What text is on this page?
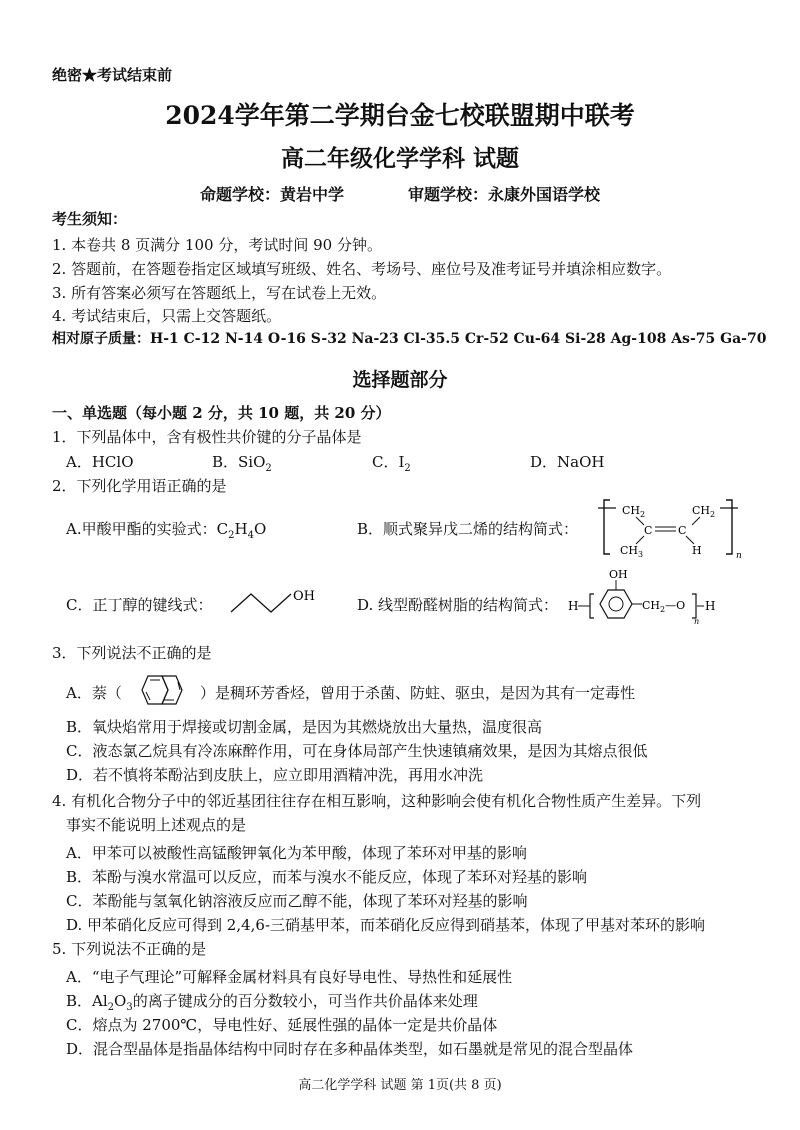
绝密★考试结束前
2024学年第二学期台金七校联盟期中联考
高二年级化学学科 试题
命题学校：黄岩中学　　　　审题学校：永康外国语学校
考生须知：
1. 本卷共 8 页满分 100 分，考试时间 90 分钟。
2. 答题前，在答题卷指定区域填写班级、姓名、考场号、座位号及准考证号并填涂相应数字。
3. 所有答案必须写在答题纸上，写在试卷上无效。
4. 考试结束后，只需上交答题纸。
相对原子质量：H-1 C-12 N-14 O-16 S-32 Na-23 Cl-35.5 Cr-52 Cu-64 Si-28 Ag-108 As-75 Ga-70
选择题部分
一、单选题（每小题 2 分，共 10 题，共 20 分）
1．下列晶体中，含有极性共价键的分子晶体是
A．HClO	B．SiO$_2$	C．$I_2$	D．NaOH
2．下列化学用语正确的是
A.甲酸甲酯的实验式：$C_2H_4O$	B．顺式聚异戊二烯的结构简式：
$CH_2$	$CH_2$
C C
$CH_3$	H	n
C．正丁醇的键线式：	OH	D. 线型酚醛树脂的结构简式： H
OH
$CH_2—O$
n
H
3．下列说法不正确的是
A．萘（	）是稠环芳香烃，曾用于杀菌、防蛀、驱虫，是因为其有一定毒性
B．氧炔焰常用于焊接或切割金属，是因为其燃烧放出大量热，温度很高
C．液态氯乙烷具有冷冻麻醉作用，可在身体局部产生快速镇痛效果，是因为其熔点很低
D．若不慎将苯酚沾到皮肤上，应立即用酒精冲洗，再用水冲洗
4. 有机化合物分子中的邻近基团往往存在相互影响，这种影响会使有机化合物性质产生差异。下列
事实不能说明上述观点的是
A．甲苯可以被酸性高锰酸钾氧化为苯甲酸，体现了苯环对甲基的影响
B．苯酚与溴水常温可以反应，而苯与溴水不能反应，体现了苯环对羟基的影响
C．苯酚能与氢氧化钠溶液反应而乙醇不能，体现了苯环对羟基的影响
D. 甲苯硝化反应可得到 2,4,6-三硝基甲苯，而苯硝化反应得到硝基苯，体现了甲基对苯环的影响
5. 下列说法不正确的是
A．“电子气理论”可解释金属材料具有良好导电性、导热性和延展性
B．$Al_2O_3$的离子键成分的百分数较小，可当作共价晶体来处理
C．熔点为 2700℃，导电性好、延展性强的晶体一定是共价晶体
D．混合型晶体是指晶体结构中同时存在多种晶体类型，如石墨就是常见的混合型晶体
高二化学学科 试题 第 1页(共 8 页)
